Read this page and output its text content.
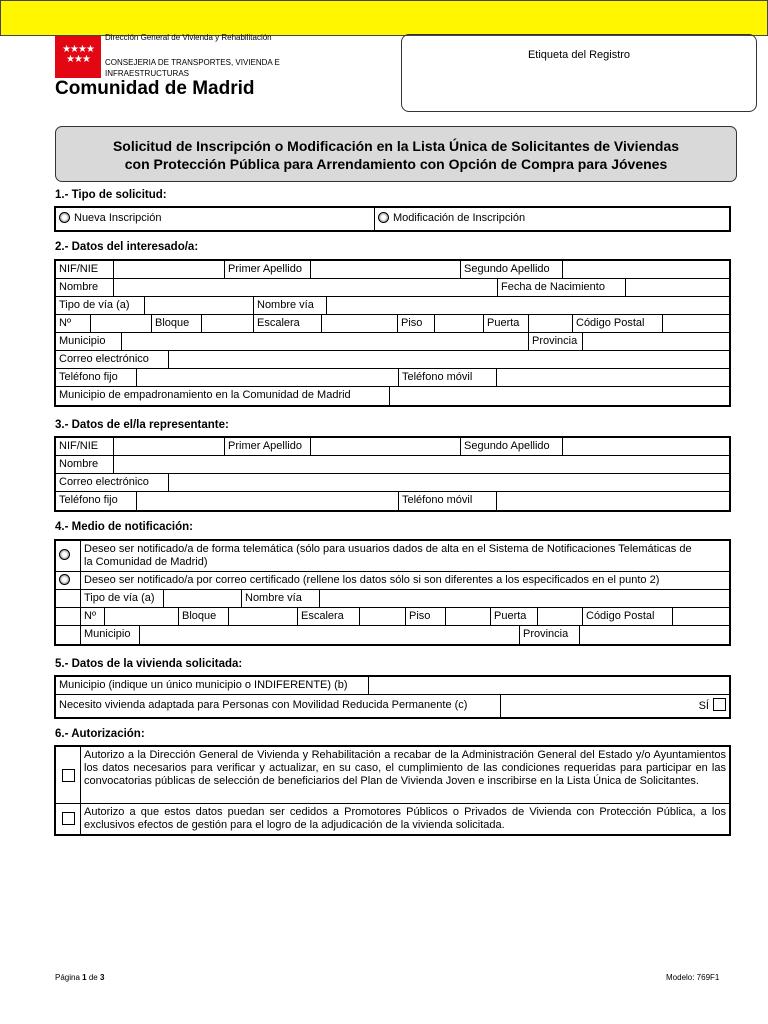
★★★★
★★★
Dirección General de Vivienda y Rehabilitación
CONSEJERIA DE TRANSPORTES, VIVIENDA E
INFRAESTRUCTURAS
Comunidad de Madrid
Etiqueta del Registro
Solicitud de Inscripción o Modificación en la Lista Única de Solicitantes de Viviendas
con Protección Pública para Arrendamiento con Opción de Compra para Jóvenes
1.- Tipo de solicitud:
Nueva Inscripción	Modificación de Inscripción
2.- Datos del interesado/a:
NIF/NIE	Primer Apellido	Segundo Apellido
Nombre	Fecha de Nacimiento
Tipo de vía (a)	Nombre vía
Nº	Bloque	Escalera	Piso	Puerta	Código Postal
Municipio	Provincia
Correo electrónico
Teléfono fijo	Teléfono móvil
Municipio de empadronamiento en la Comunidad de Madrid
3.- Datos de el/la representante:
NIF/NIE	Primer Apellido	Segundo Apellido
Nombre
Correo electrónico
Teléfono fijo	Teléfono móvil
4.- Medio de notificación:
Deseo ser notificado/a de forma telemática (sólo para usuarios dados de alta en el Sistema de Notificaciones Telemáticas de
la Comunidad de Madrid)
Deseo ser notificado/a por correo certificado (rellene los datos sólo si son diferentes a los especificados en el punto 2)
Tipo de vía (a)	Nombre vía
Nº	Bloque	Escalera	Piso	Puerta	Código Postal
Municipio	Provincia
5.- Datos de la vivienda solicitada:
Municipio (indique un único municipio o INDIFERENTE) (b)
Necesito vivienda adaptada para Personas con Movilidad Reducida Permanente (c)	SÍ
6.- Autorización:
Autorizo a la Dirección General de Vivienda y Rehabilitación a recabar de la Administración General del Estado y/o Ayuntamientos los datos necesarios para verificar y actualizar, en su caso, el cumplimiento de las condiciones requeridas para participar en las convocatorias públicas de selección de beneficiarios del Plan de Vivienda Joven e inscribirse en la Lista Única de Solicitantes.
Autorizo a que estos datos puedan ser cedidos a Promotores Públicos o Privados de Vivienda con Protección Pública, a los exclusivos efectos de gestión para el logro de la adjudicación de la vivienda solicitada.
Página 1 de 3	Modelo: 769F1
